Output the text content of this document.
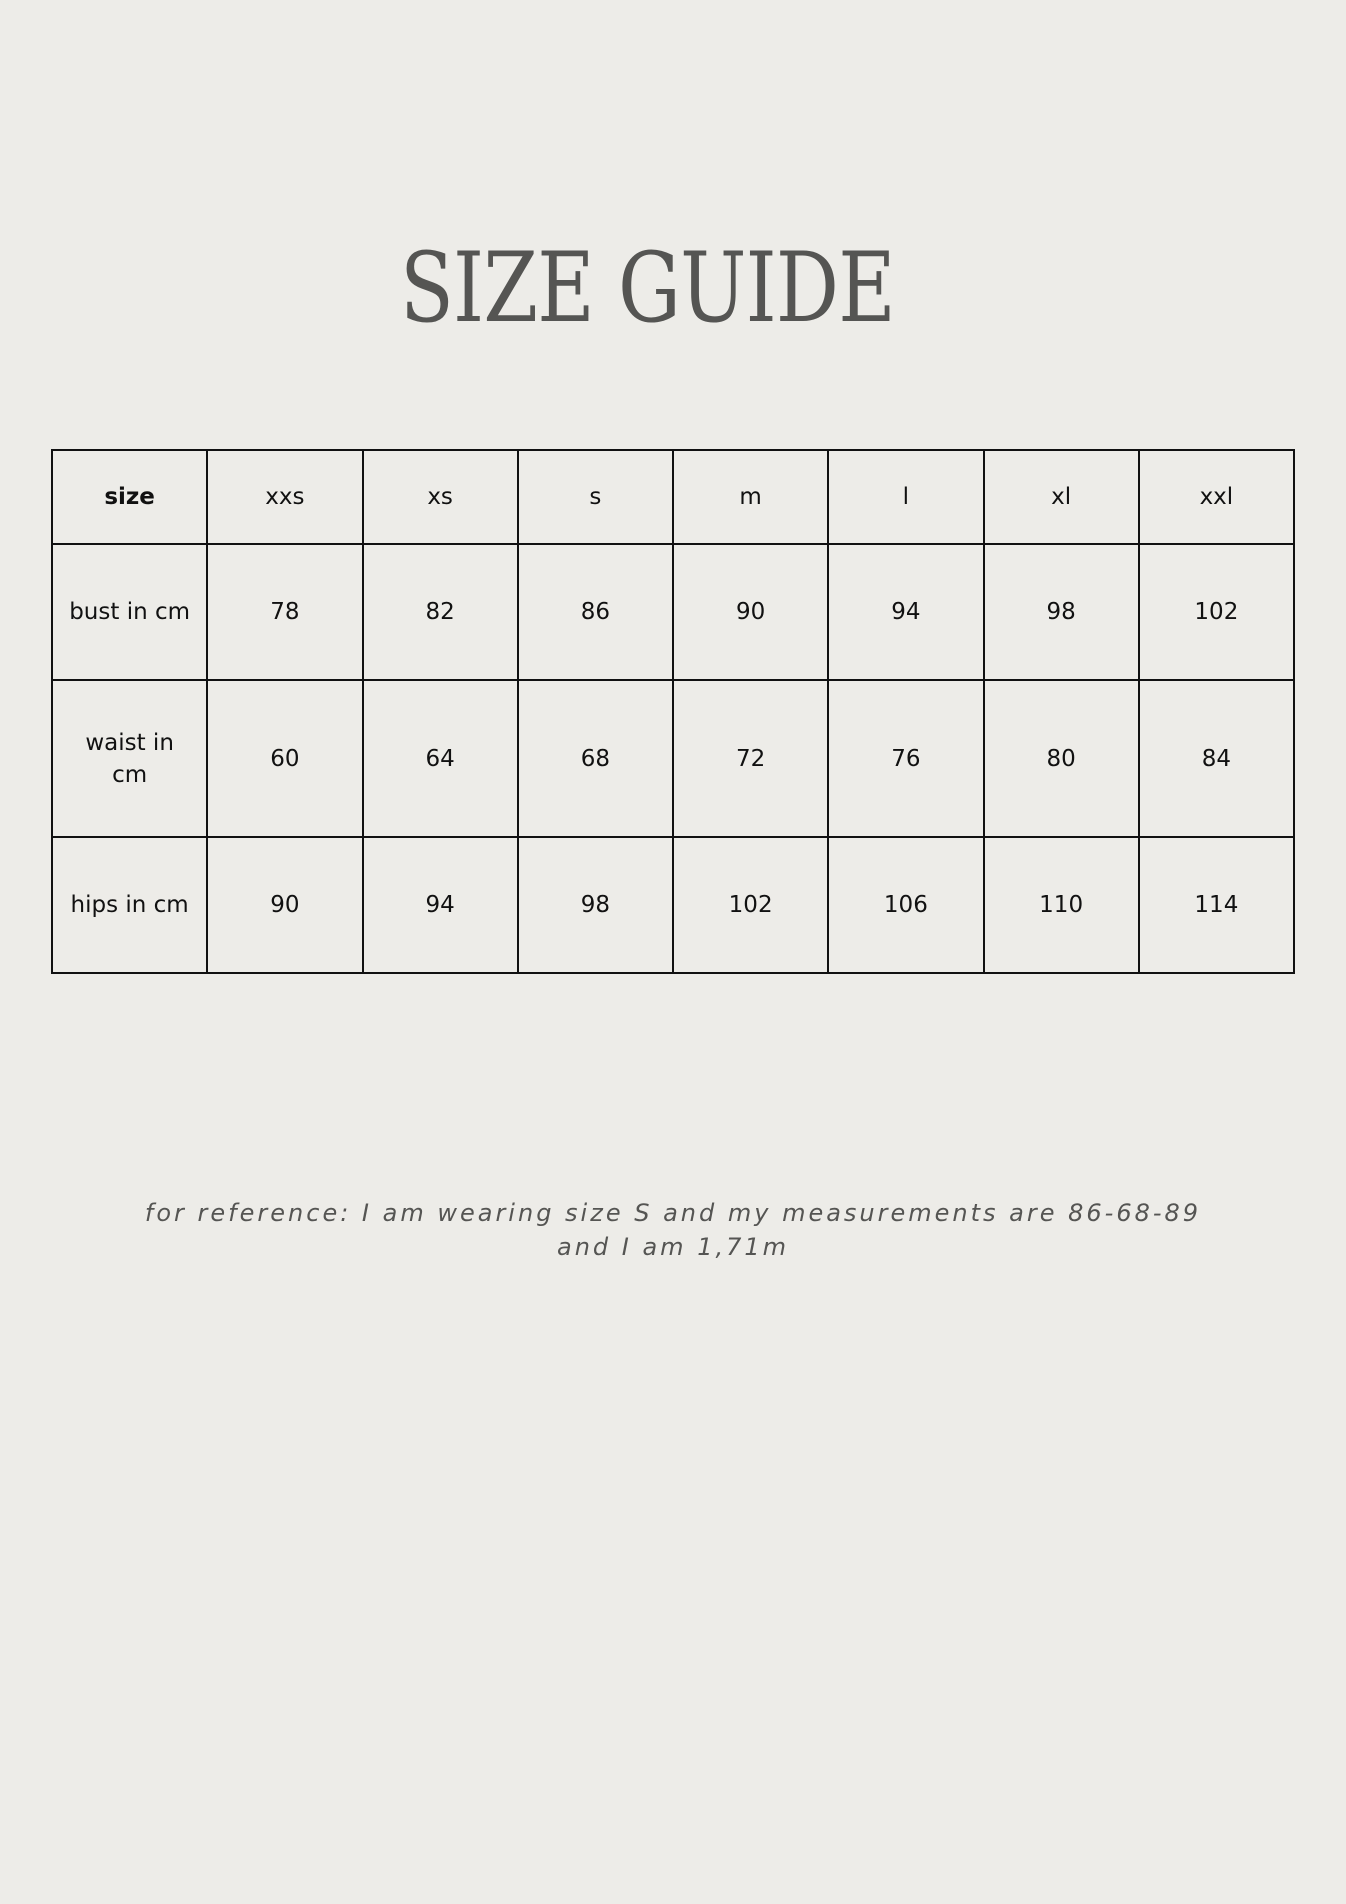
SIZE GUIDE
size	xxs	xs	s	m	l	xl	xxl
bust in cm	78	82	86	90	94	98	102
waist in cm	60	64	68	72	76	80	84
hips in cm	90	94	98	102	106	110	114
for reference: I am wearing size S and my measurements are 86-68-89 and I am 1,71m
